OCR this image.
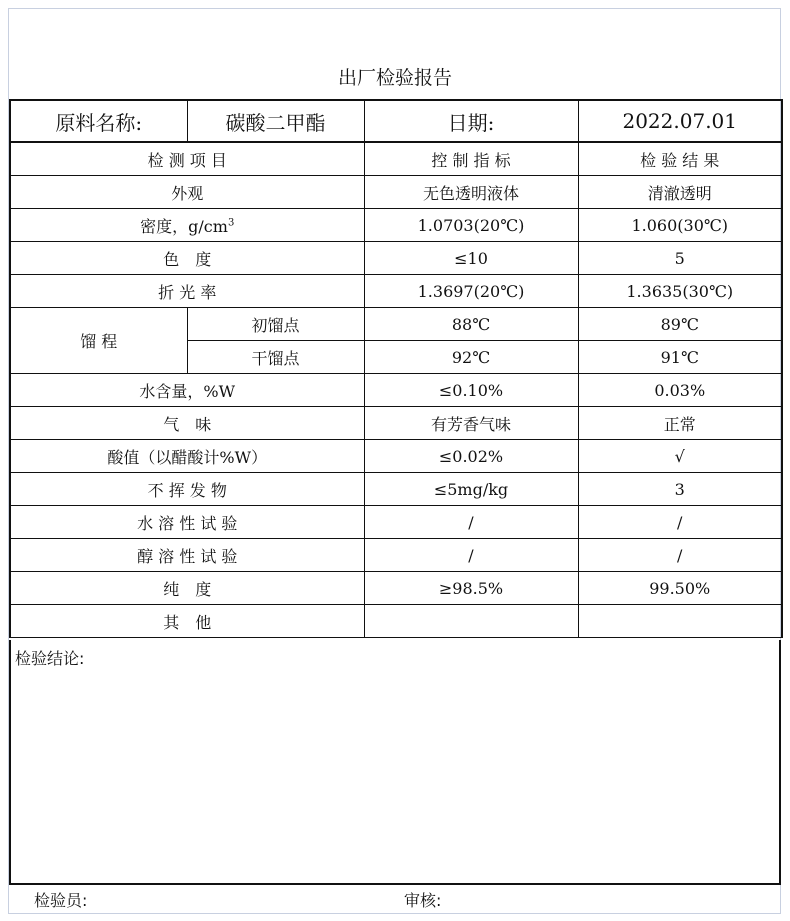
出厂检验报告
原料名称:	碳酸二甲酯	日期:	2022.07.01
检 测 项 目		控 制 指 标	检 验 结 果
外观		无色透明液体	清澈透明
密度，$g/cm^3$		1.0703(20℃)	1.060(30℃)
色　度		≤10	5
折 光 率		1.3697(20℃)	1.3635(30℃)
馏 程	初馏点	88℃	89℃
	干馏点	92℃	91℃
水含量，%W		≤0.10%	0.03%
气　味		有芳香气味	正常
酸值（以醋酸计%W）		≤0.02%	√
不 挥 发 物		≤5mg/kg	3
水 溶 性 试 验		/	/
醇 溶 性 试 验		/	/
纯　度		≥98.5%	99.50%
其　他			
检验结论:
检验员:	审核:
